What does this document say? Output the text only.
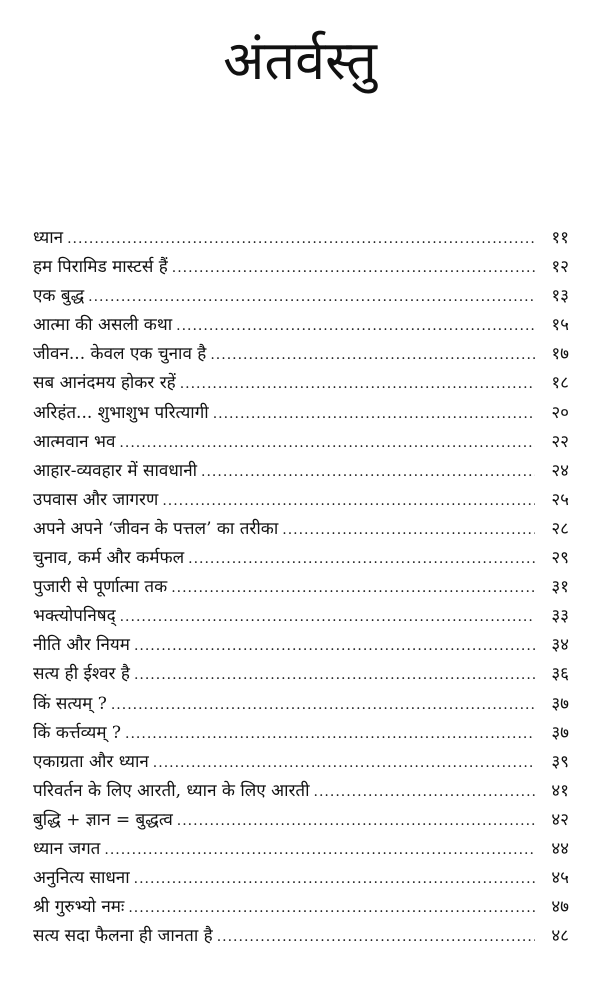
अंतर्वस्तु
ध्यान .....	११
हम पिरामिड मास्टर्स हैं .....	१२
एक बुद्ध .....	१३
आत्मा की असली कथा .....	१५
जीवन... केवल एक चुनाव है .....	१७
सब आनंदमय होकर रहें .....	१८
अरिहंत... शुभाशुभ परित्यागी .....	२०
आत्मवान भव .....	२२
आहार-व्यवहार में सावधानी .....	२४
उपवास और जागरण .....	२५
अपने अपने ‘जीवन के पत्तल’ का तरीका .....	२८
चुनाव, कर्म और कर्मफल .....	२९
पुजारी से पूर्णात्मा तक .....	३१
भक्त्योपनिषद् .....	३३
नीति और नियम .....	३४
सत्य ही ईश्वर है .....	३६
किं सत्यम् ? .....	३७
किं कर्त्तव्यम् ? .....	३७
एकाग्रता और ध्यान .....	३९
परिवर्तन के लिए आरती, ध्यान के लिए आरती .....	४१
बुद्धि + ज्ञान = बुद्धत्व .....	४२
ध्यान जगत .....	४४
अनुनित्य साधना .....	४५
श्री गुरुभ्यो नमः .....	४७
सत्य सदा फैलना ही जानता है .....	४८
